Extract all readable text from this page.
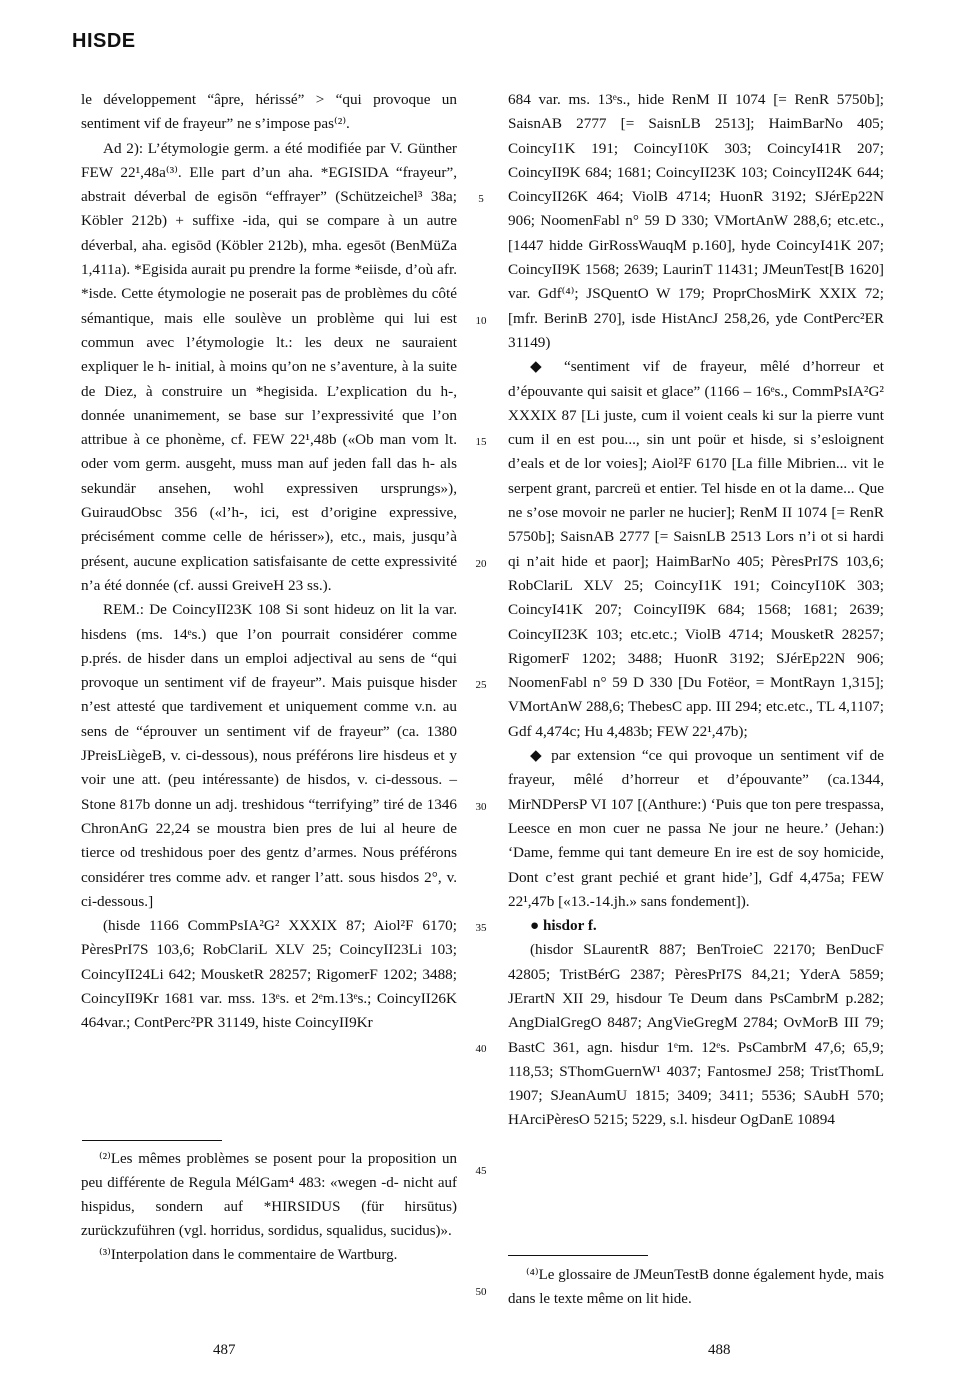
HISDE

le développement “âpre, hérissé” > “qui provoque un sentiment vif de frayeur” ne s’impose pas⁽²⁾.

Ad 2): L’étymologie germ. a été modifiée par V. Günther FEW 22¹,48a⁽³⁾. Elle part d’un aha. *EGISIDA “frayeur”, abstrait déverbal de egisōn “effrayer” (Schützeichel³ 38a; Köbler 212b) + suffixe -ida, qui se compare à un autre déverbal, aha. egisōd (Köbler 212b), mha. egesōt (BenMüZa 1,411a). *Egisida aurait pu prendre la forme *eiisde, d’où afr. *isde. Cette étymologie ne poserait pas de problèmes du côté sémantique, mais elle soulève un problème qui lui est commun avec l’étymologie lt.: les deux ne sauraient expliquer le h- initial, à moins qu’on ne s’aventure, à la suite de Diez, à construire un *hegisida. L’explication du h-, donnée unanimement, se base sur l’expressivité que l’on attribue à ce phonème, cf. FEW 22¹,48b («Ob man vom lt. oder vom germ. ausgeht, muss man auf jeden fall das h- als sekundär ansehen, wohl expressiven ursprungs»), GuiraudObsc 356 («l’h-, ici, est d’origine expressive, précisément comme celle de hérisser»), etc., mais, jusqu’à présent, aucune explication satisfaisante de cette expressivité n’a été donnée (cf. aussi GreiveH 23 ss.).

REM.: De CoincyII23K 108 Si sont hideuz on lit la var. hisdens (ms. 14ᵉs.) que l’on pourrait considérer comme p.prés. de hisder dans un emploi adjectival au sens de “qui provoque un sentiment vif de frayeur”. Mais puisque hisder n’est attesté que tardivement et uniquement comme v.n. au sens de “éprouver un sentiment vif de frayeur” (ca. 1380 JPreisLiègeB, v. ci-dessous), nous préférons lire hisdeus et y voir une att. (peu intéressante) de hisdos, v. ci-dessous. – Stone 817b donne un adj. treshidous “terrifying” tiré de 1346 ChronAnG 22,24 se moustra bien pres de lui al heure de tierce od treshidous poer des gentz d’armes. Nous préférons considérer tres comme adv. et ranger l’att. sous hisdos 2°, v. ci-dessous.]

(hisde 1166 CommPsIA²G² XXXIX 87; Aiol²F 6170; PèresPrI7S 103,6; RobClariL XLV 25; CoincyII23Li 103; CoincyII24Li 642; MousketR 28257; RigomerF 1202; 3488; CoincyII9Kr 1681 var. mss. 13ᵉs. et 2ᵉm.13ᵉs.; CoincyII26K 464var.; ContPerc²PR 31149, histe CoincyII9Kr

5
10
15
20
25
30
35
40
45
50

684 var. ms. 13ᵉs., hide RenM II 1074 [= RenR 5750b]; SaisnAB 2777 [= SaisnLB 2513]; HaimBarNo 405; CoincyI1K 191; CoincyI10K 303; CoincyI41R 207; CoincyII9K 684; 1681; CoincyII23K 103; CoincyII24K 644; CoincyII26K 464; ViolB 4714; HuonR 3192; SJérEp22N 906; NoomenFabl n° 59 D 330; VMortAnW 288,6; etc.etc., [1447 hidde GirRossWauqM p.160], hyde CoincyI41K 207; CoincyII9K 1568; 2639; LaurinT 11431; JMeunTest[B 1620] var. Gdf⁽⁴⁾; JSQuentO W 179; ProprChosMirK XXIX 72; [mfr. BerinB 270], isde HistAncJ 258,26, yde ContPerc²ER 31149)

◆ “sentiment vif de frayeur, mêlé d’horreur et d’épouvante qui saisit et glace” (1166 – 16ᵉs., CommPsIA²G² XXXIX 87 [Li juste, cum il voient ceals ki sur la pierre vunt cum il en est pou..., sin unt poür et hisde, si s’esloignent d’eals et de lor voies]; Aiol²F 6170 [La fille Mibrien... vit le serpent grant, parcreü et entier. Tel hisde en ot la dame... Que ne s’ose movoir ne parler ne hucier]; RenM II 1074 [= RenR 5750b]; SaisnAB 2777 [= SaisnLB 2513 Lors n’i ot si hardi qi n’ait hide et paor]; HaimBarNo 405; PèresPrI7S 103,6; RobClariL XLV 25; CoincyI1K 191; CoincyI10K 303; CoincyI41K 207; CoincyII9K 684; 1568; 1681; 2639; CoincyII23K 103; etc.etc.; ViolB 4714; MousketR 28257; RigomerF 1202; 3488; HuonR 3192; SJérEp22N 906; NoomenFabl n° 59 D 330 [Du Fotëor, = MontRayn 1,315]; VMortAnW 288,6; ThebesC app. III 294; etc.etc., TL 4,1107; Gdf 4,474c; Hu 4,483b; FEW 22¹,47b);

◆ par extension “ce qui provoque un sentiment vif de frayeur, mêlé d’horreur et d’épouvante” (ca.1344, MirNDPersP VI 107 [(Anthure:) ‘Puis que ton pere trespassa, Leesce en mon cuer ne passa Ne jour ne heure.’ (Jehan:) ‘Dame, femme qui tant demeure En ire est de soy homicide, Dont c’est grant pechié et grant hide’], Gdf 4,475a; FEW 22¹,47b [«13.-14.jh.» sans fondement]).

● hisdor f.

(hisdor SLaurentR 887; BenTroieC 22170; BenDucF 42805; TristBérG 2387; PèresPrI7S 84,21; YderA 5859; JErartN XII 29, hisdour Te Deum dans PsCambrM p.282; AngDialGregO 8487; AngVieGregM 2784; OvMorB III 79; BastC 361, agn. hisdur 1ᵉm. 12ᵉs. PsCambrM 47,6; 65,9; 118,53; SThomGuernW¹ 4037; FantosmeJ 258; TristThomL 1907; SJeanAumU 1815; 3409; 3411; 5536; SAubH 570; HArciPèresO 5215; 5229, s.l. hisdeur OgDanE 10894

⁽²⁾Les mêmes problèmes se posent pour la proposition un peu différente de Regula MélGam⁴ 483: «wegen -d- nicht auf hispidus, sondern auf *HIRSIDUS (für hirsūtus) zurückzuführen (vgl. horridus, sordidus, squalidus, sucidus)».

⁽³⁾Interpolation dans le commentaire de Wartburg.

⁽⁴⁾Le glossaire de JMeunTestB donne également hyde, mais dans le texte même on lit hide.

487	488
